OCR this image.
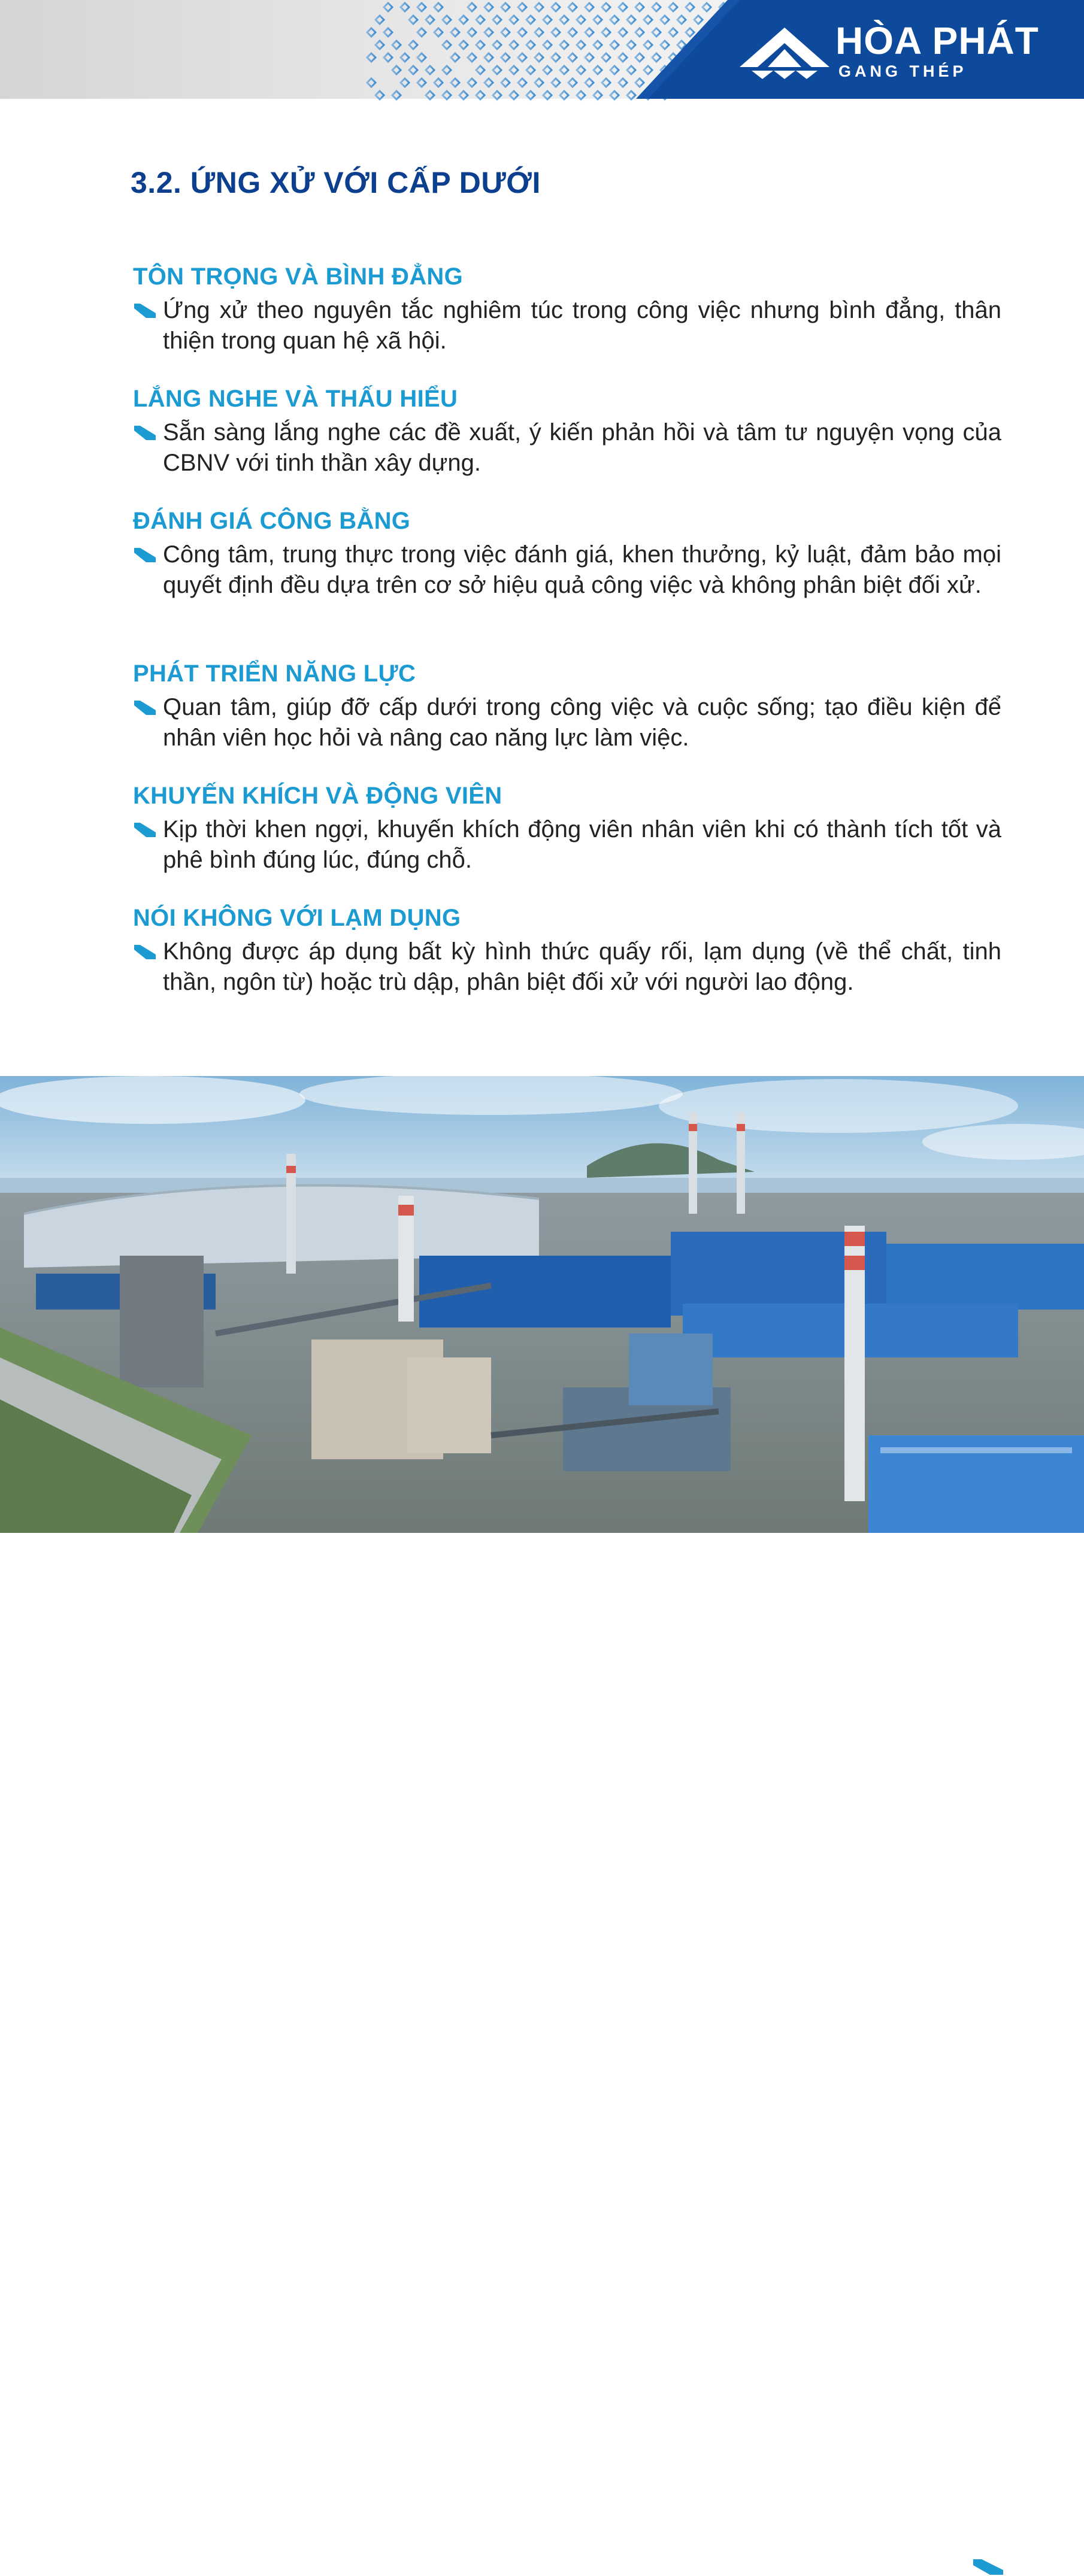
HÒA PHÁT
GANG THÉP
3.2. ỨNG XỬ VỚI CẤP DƯỚI
TÔN TRỌNG VÀ BÌNH ĐẲNG

Ứng xử theo nguyên tắc nghiêm túc trong công việc nhưng bình đẳng, thân thiện trong quan hệ xã hội.

LẮNG NGHE VÀ THẤU HIỂU

Sẵn sàng lắng nghe các đề xuất, ý kiến phản hồi và tâm tư nguyện vọng của CBNV với tinh thần xây dựng.

ĐÁNH GIÁ CÔNG BẰNG

Công tâm, trung thực trong việc đánh giá, khen thưởng, kỷ luật, đảm bảo mọi quyết định đều dựa trên cơ sở hiệu quả công việc và không phân biệt đối xử.

PHÁT TRIỂN NĂNG LỰC

Quan tâm, giúp đỡ cấp dưới trong công việc và cuộc sống; tạo điều kiện để nhân viên học hỏi và nâng cao năng lực làm việc.

KHUYẾN KHÍCH VÀ ĐỘNG VIÊN

Kịp thời khen ngợi, khuyến khích động viên nhân viên khi có thành tích tốt và phê bình đúng lúc, đúng chỗ.

NÓI KHÔNG VỚI LẠM DỤNG

Không được áp dụng bất kỳ hình thức quấy rối, lạm dụng (về thể chất, tinh thần, ngôn từ) hoặc trù dập, phân biệt đối xử với người lao động.

07
